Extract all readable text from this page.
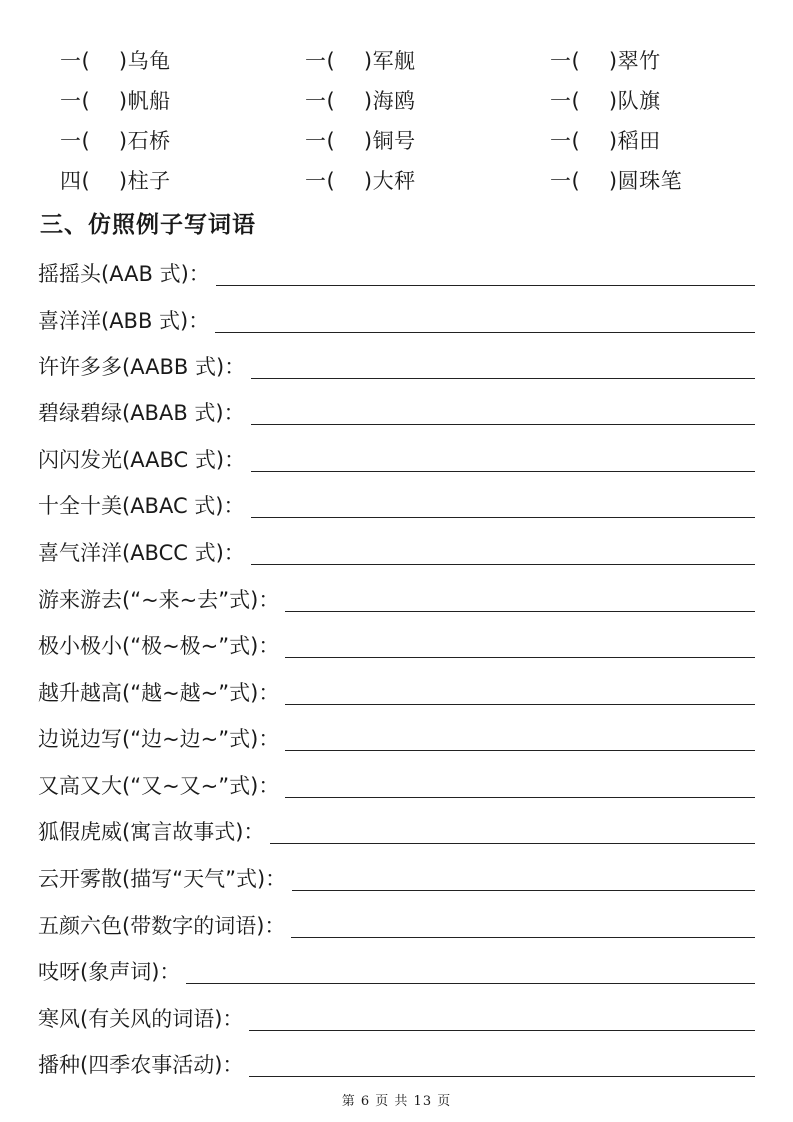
一(    )乌龟	一(    )军舰	一(    )翠竹
一(    )帆船	一(    )海鸥	一(    )队旗
一(    )石桥	一(    )铜号	一(    )稻田
四(    )柱子	一(    )大秤	一(    )圆珠笔
三、仿照例子写词语
摇摇头(AAB 式)：
喜洋洋(ABB 式)：
许许多多(AABB 式)：
碧绿碧绿(ABAB 式)：
闪闪发光(AABC 式)：
十全十美(ABAC 式)：
喜气洋洋(ABCC 式)：
游来游去(“~来~去”式)：
极小极小(“极~极~”式)：
越升越高(“越~越~”式)：
边说边写(“边~边~”式)：
又高又大(“又~又~”式)：
狐假虎威(寓言故事式)：
云开雾散(描写“天气”式)：
五颜六色(带数字的词语)：
吱呀(象声词)：
寒风(有关风的词语)：
播种(四季农事活动)：
第 6 页 共 13 页
